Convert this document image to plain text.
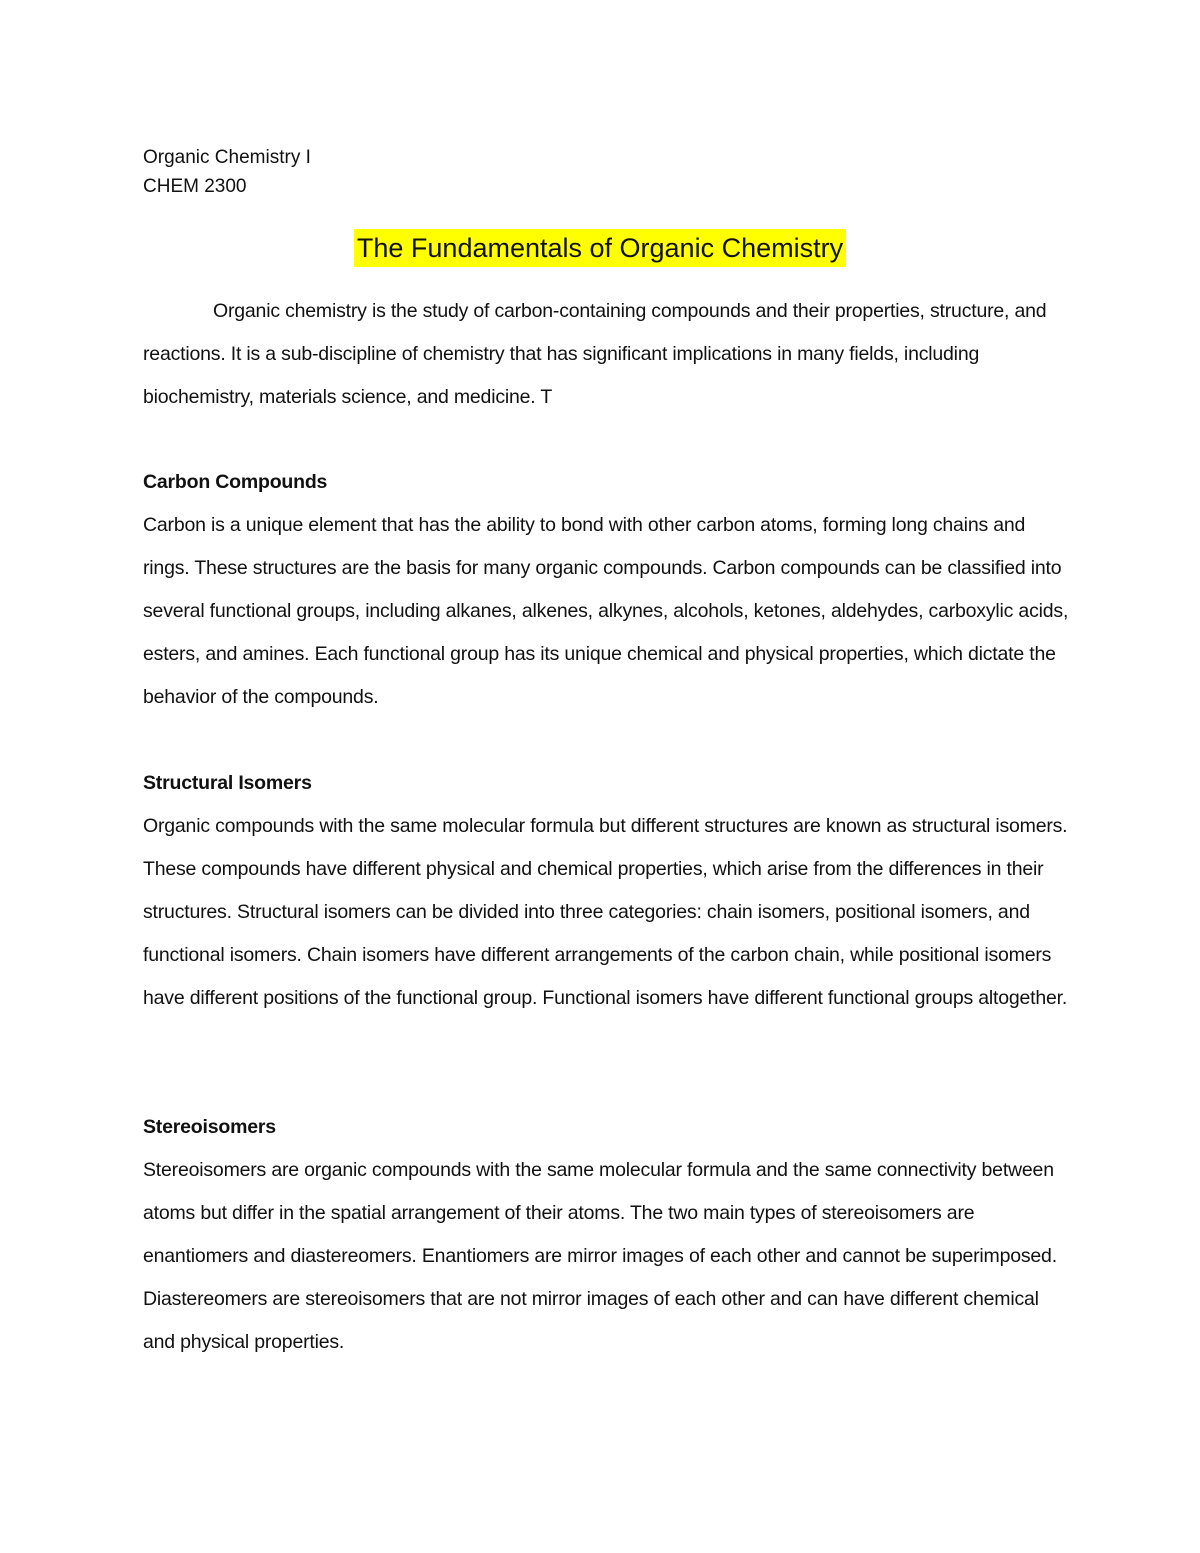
Organic Chemistry I
CHEM 2300
The Fundamentals of Organic Chemistry

Organic chemistry is the study of carbon-containing compounds and their properties, structure, and reactions. It is a sub-discipline of chemistry that has significant implications in many fields, including biochemistry, materials science, and medicine. T

Carbon Compounds

Carbon is a unique element that has the ability to bond with other carbon atoms, forming long chains and rings. These structures are the basis for many organic compounds. Carbon compounds can be classified into several functional groups, including alkanes, alkenes, alkynes, alcohols, ketones, aldehydes, carboxylic acids, esters, and amines. Each functional group has its unique chemical and physical properties, which dictate the behavior of the compounds.

Structural Isomers

Organic compounds with the same molecular formula but different structures are known as structural isomers. These compounds have different physical and chemical properties, which arise from the differences in their structures. Structural isomers can be divided into three categories: chain isomers, positional isomers, and functional isomers. Chain isomers have different arrangements of the carbon chain, while positional isomers have different positions of the functional group. Functional isomers have different functional groups altogether.

Stereoisomers

Stereoisomers are organic compounds with the same molecular formula and the same connectivity between atoms but differ in the spatial arrangement of their atoms. The two main types of stereoisomers are enantiomers and diastereomers. Enantiomers are mirror images of each other and cannot be superimposed. Diastereomers are stereoisomers that are not mirror images of each other and can have different chemical and physical properties.
